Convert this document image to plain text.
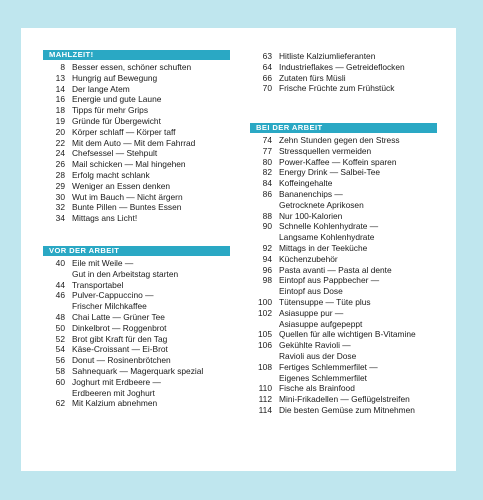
MAHLZEIT!
8 Besser essen, schöner schuften
13 Hungrig auf Bewegung
14 Der lange Atem
16 Energie und gute Laune
18 Tipps für mehr Grips
19 Gründe für Übergewicht
20 Körper schlaff — Körper taff
22 Mit dem Auto — Mit dem Fahrrad
24 Chefsessel — Stehpult
26 Mail schicken — Mal hingehen
28 Erfolg macht schlank
29 Weniger an Essen denken
30 Wut im Bauch — Nicht ärgern
32 Bunte Pillen — Buntes Essen
34 Mittags ans Licht!
VOR DER ARBEIT
40 Eile mit Weile —
Gut in den Arbeitstag starten
44 Transportabel
46 Pulver-Cappuccino —
Frischer Milchkaffee
48 Chai Latte — Grüner Tee
50 Dinkelbrot — Roggenbrot
52 Brot gibt Kraft für den Tag
54 Käse-Croissant — Ei-Brot
56 Donut — Rosinenbrötchen
58 Sahnequark — Magerquark spezial
60 Joghurt mit Erdbeere —
Erdbeeren mit Joghurt
62 Mit Kalzium abnehmen
63 Hitliste Kalziumlieferanten
64 Industrieflakes — Getreideflocken
66 Zutaten fürs Müsli
70 Frische Früchte zum Frühstück
BEI DER ARBEIT
74 Zehn Stunden gegen den Stress
77 Stressquellen vermeiden
80 Power-Kaffee — Koffein sparen
82 Energy Drink — Salbei-Tee
84 Koffeingehalte
86 Bananenchips —
Getrocknete Aprikosen
88 Nur 100-Kalorien
90 Schnelle Kohlenhydrate —
Langsame Kohlenhydrate
92 Mittags in der Teeküche
94 Küchenzubehör
96 Pasta avanti — Pasta al dente
98 Eintopf aus Pappbecher —
Eintopf aus Dose
100 Tütensuppe — Tüte plus
102 Asiasuppe pur —
Asiasuppe aufgepeppt
105 Quellen für alle wichtigen B-Vitamine
106 Gekühlte Ravioli —
Ravioli aus der Dose
108 Fertiges Schlemmerfilet —
Eigenes Schlemmerfilet
110 Fische als Brainfood
112 Mini-Frikadellen — Geflügelstreifen
114 Die besten Gemüse zum Mitnehmen
